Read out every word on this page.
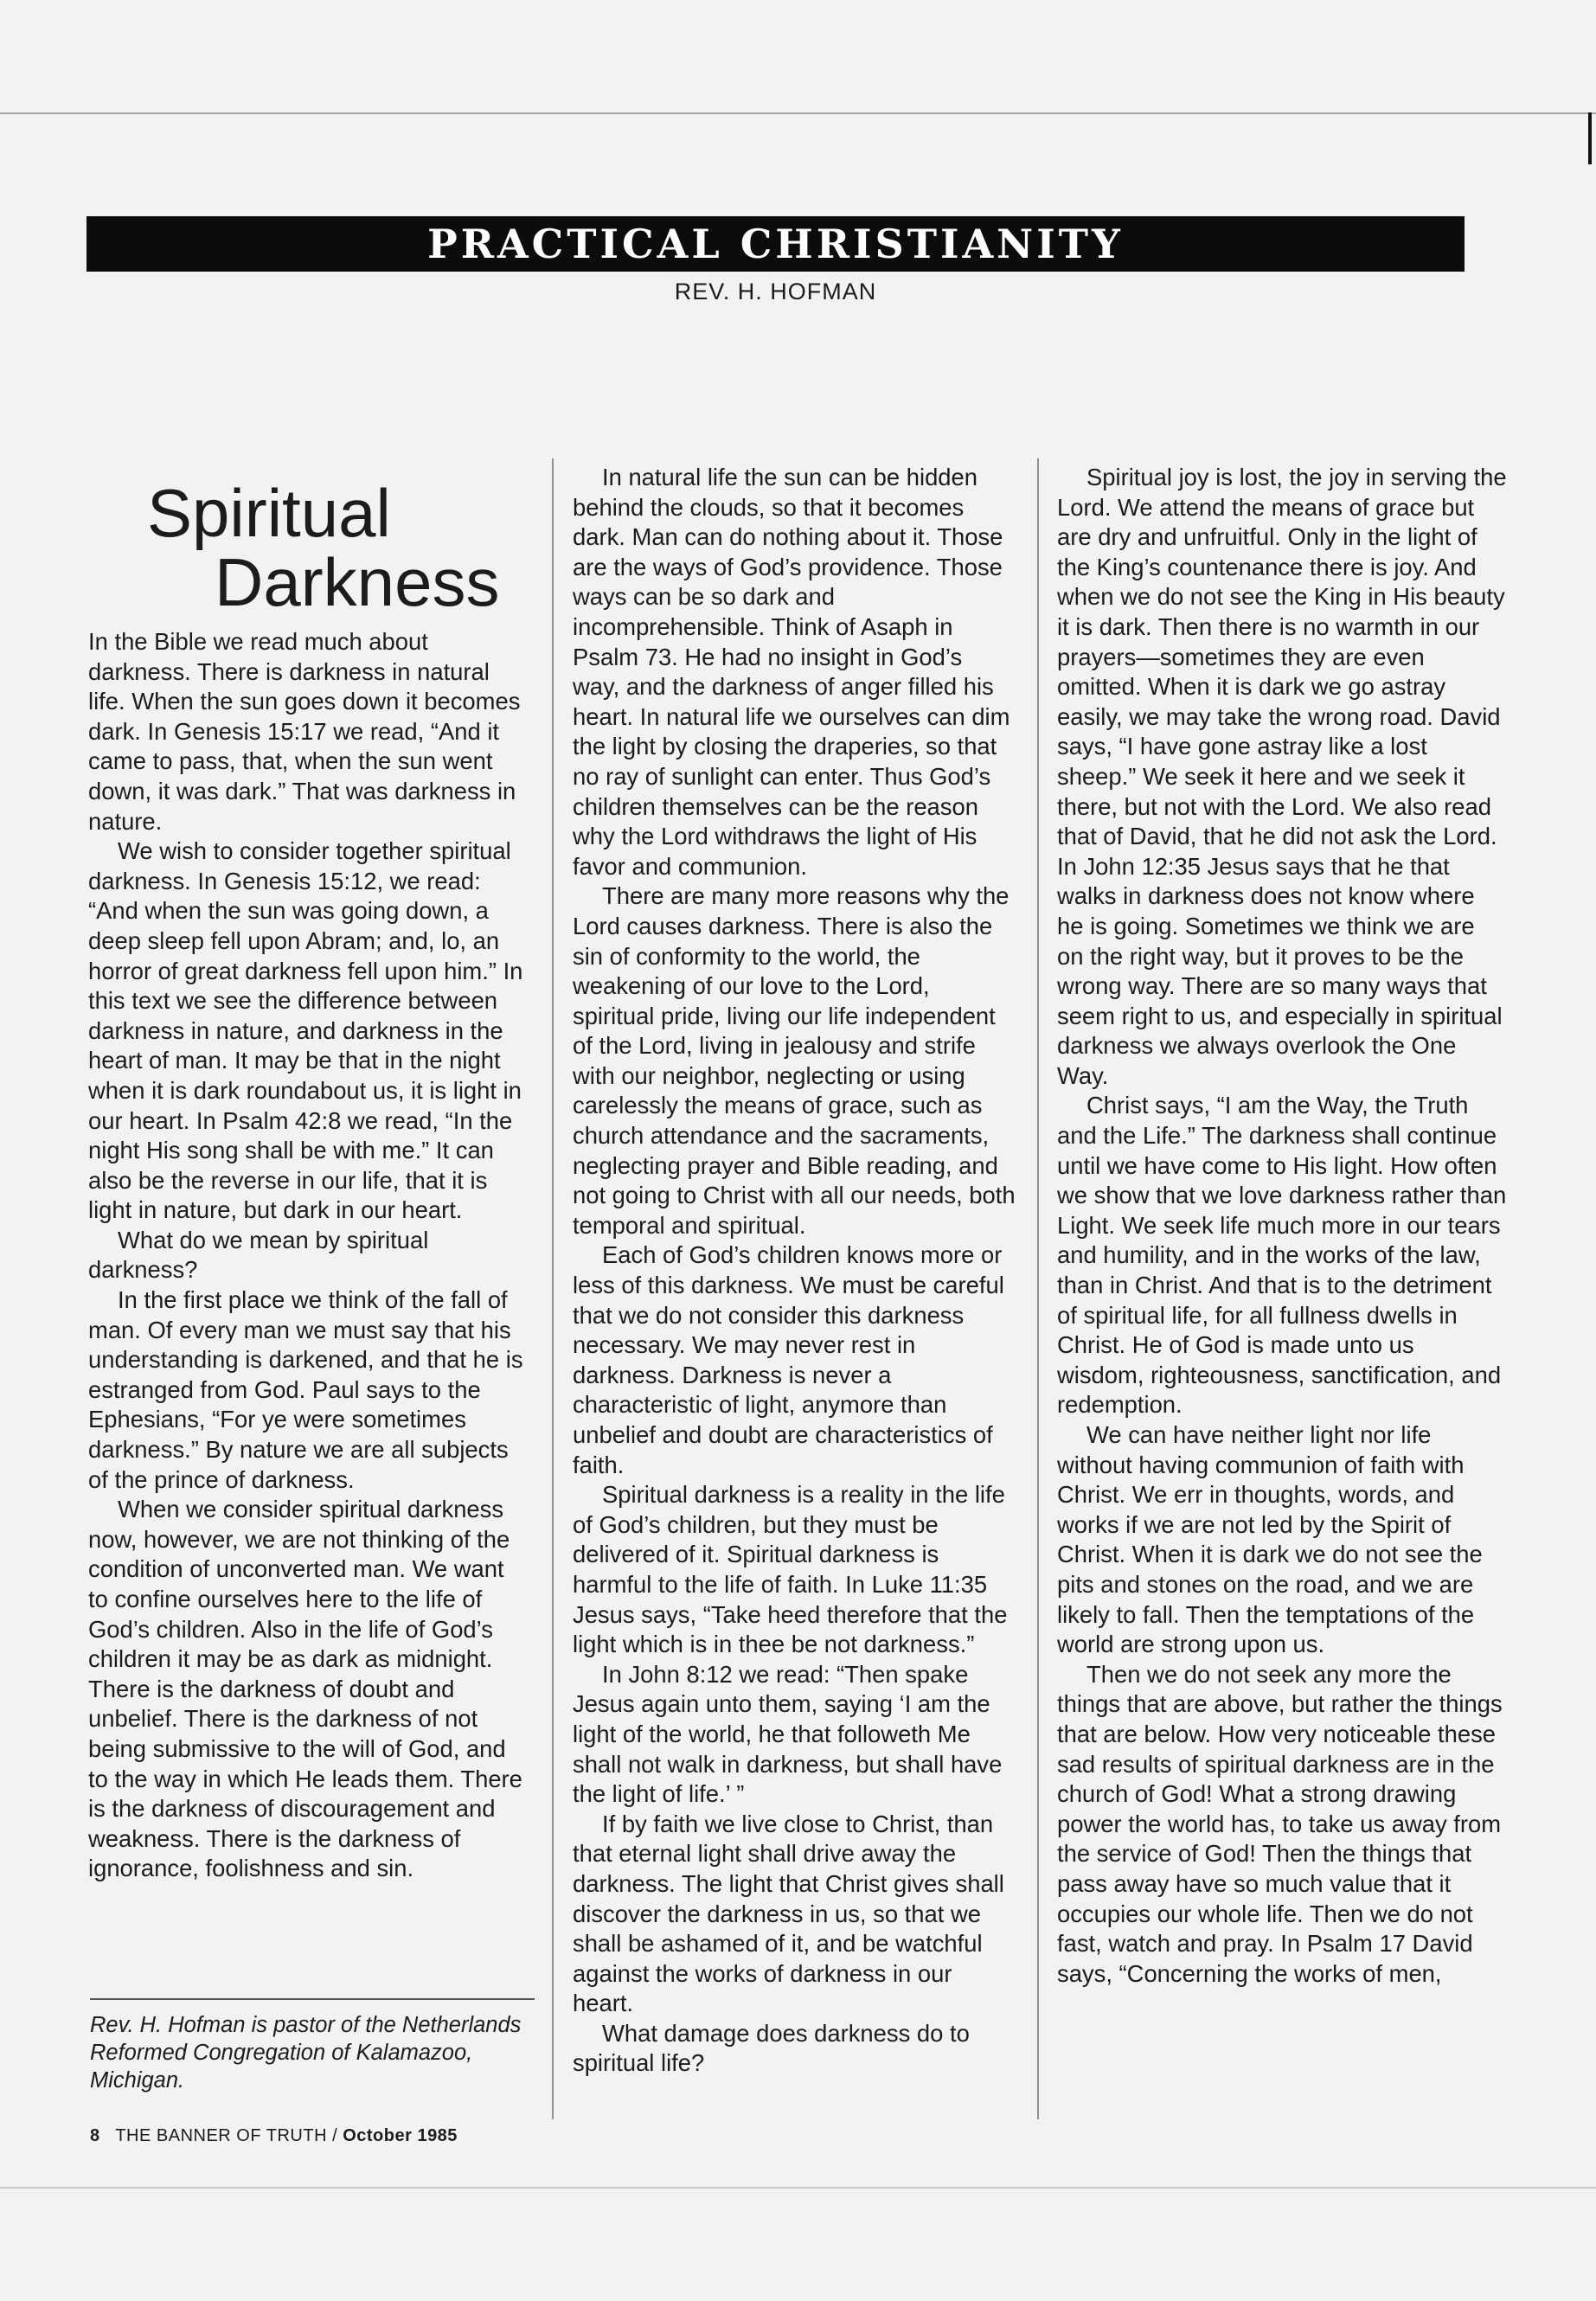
PRACTICAL CHRISTIANITY
REV. H. HOFMAN
Spiritual
Darkness

In the Bible we read much about darkness. There is darkness in natural life. When the sun goes down it becomes dark. In Genesis 15:17 we read, “And it came to pass, that, when the sun went down, it was dark.” That was darkness in nature.

We wish to consider together spiritual darkness. In Genesis 15:12, we read: “And when the sun was going down, a deep sleep fell upon Abram; and, lo, an horror of great darkness fell upon him.” In this text we see the difference between darkness in nature, and darkness in the heart of man. It may be that in the night when it is dark roundabout us, it is light in our heart. In Psalm 42:8 we read, “In the night His song shall be with me.” It can also be the reverse in our life, that it is light in nature, but dark in our heart.

What do we mean by spiritual darkness?

In the first place we think of the fall of man. Of every man we must say that his understanding is darkened, and that he is estranged from God. Paul says to the Ephesians, “For ye were sometimes darkness.” By nature we are all subjects of the prince of darkness.

When we consider spiritual darkness now, however, we are not thinking of the condition of unconverted man. We want to confine ourselves here to the life of God’s children. Also in the life of God’s children it may be as dark as midnight. There is the darkness of doubt and unbelief. There is the darkness of not being submissive to the will of God, and to the way in which He leads them. There is the darkness of discouragement and weakness. There is the darkness of ignorance, foolishness and sin.

In natural life the sun can be hidden behind the clouds, so that it becomes dark. Man can do nothing about it. Those are the ways of God’s providence. Those ways can be so dark and incomprehensible. Think of Asaph in Psalm 73. He had no insight in God’s way, and the darkness of anger filled his heart. In natural life we ourselves can dim the light by closing the draperies, so that no ray of sunlight can enter. Thus God’s children themselves can be the reason why the Lord withdraws the light of His favor and communion.

There are many more reasons why the Lord causes darkness. There is also the sin of conformity to the world, the weakening of our love to the Lord, spiritual pride, living our life independent of the Lord, living in jealousy and strife with our neighbor, neglecting or using carelessly the means of grace, such as church attendance and the sacraments, neglecting prayer and Bible reading, and not going to Christ with all our needs, both temporal and spiritual.

Each of God’s children knows more or less of this darkness. We must be careful that we do not consider this darkness necessary. We may never rest in darkness. Darkness is never a characteristic of light, anymore than unbelief and doubt are characteristics of faith.

Spiritual darkness is a reality in the life of God’s children, but they must be delivered of it. Spiritual darkness is harmful to the life of faith. In Luke 11:35 Jesus says, “Take heed therefore that the light which is in thee be not darkness.”

In John 8:12 we read: “Then spake Jesus again unto them, saying ‘I am the light of the world, he that followeth Me shall not walk in darkness, but shall have the light of life.’ ”

If by faith we live close to Christ, than that eternal light shall drive away the darkness. The light that Christ gives shall discover the darkness in us, so that we shall be ashamed of it, and be watchful against the works of darkness in our heart.

What damage does darkness do to spiritual life?

Spiritual joy is lost, the joy in serving the Lord. We attend the means of grace but are dry and unfruitful. Only in the light of the King’s countenance there is joy. And when we do not see the King in His beauty it is dark. Then there is no warmth in our prayers—sometimes they are even omitted. When it is dark we go astray easily, we may take the wrong road. David says, “I have gone astray like a lost sheep.” We seek it here and we seek it there, but not with the Lord. We also read that of David, that he did not ask the Lord. In John 12:35 Jesus says that he that walks in darkness does not know where he is going. Sometimes we think we are on the right way, but it proves to be the wrong way. There are so many ways that seem right to us, and especially in spiritual darkness we always overlook the One Way.

Christ says, “I am the Way, the Truth and the Life.” The darkness shall continue until we have come to His light. How often we show that we love darkness rather than Light. We seek life much more in our tears and humility, and in the works of the law, than in Christ. And that is to the detriment of spiritual life, for all fullness dwells in Christ. He of God is made unto us wisdom, righteousness, sanctification, and redemption.

We can have neither light nor life without having communion of faith with Christ. We err in thoughts, words, and works if we are not led by the Spirit of Christ. When it is dark we do not see the pits and stones on the road, and we are likely to fall. Then the temptations of the world are strong upon us.

Then we do not seek any more the things that are above, but rather the things that are below. How very noticeable these sad results of spiritual darkness are in the church of God! What a strong drawing power the world has, to take us away from the service of God! Then the things that pass away have so much value that it occupies our whole life. Then we do not fast, watch and pray. In Psalm 17 David says, “Concerning the works of men,

Rev. H. Hofman is pastor of the Netherlands Reformed Congregation of Kalamazoo, Michigan.
8 THE BANNER OF TRUTH / October 1985
